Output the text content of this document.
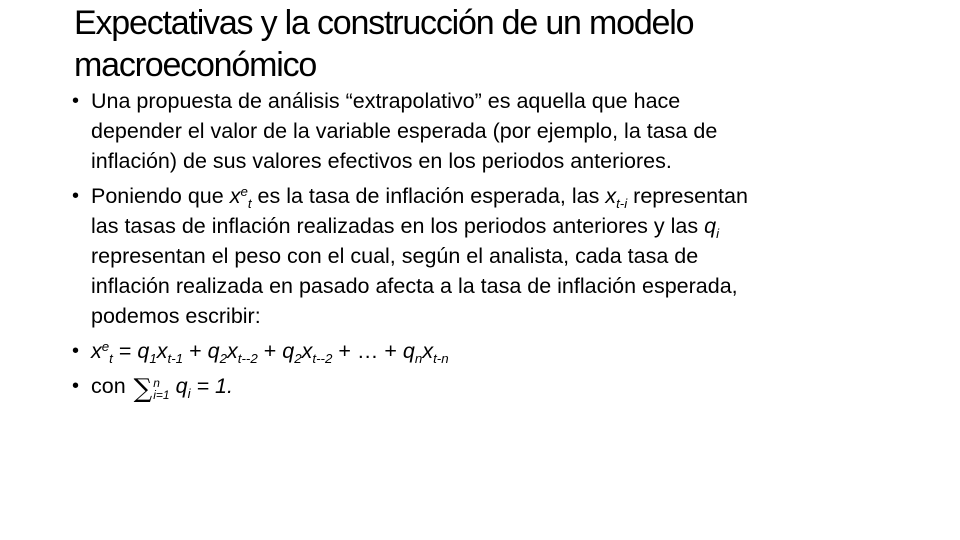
Expectativas y la construcción de un modelo
macroeconómico
• Una propuesta de análisis “extrapolativo” es aquella que hace
depender el valor de la variable esperada (por ejemplo, la tasa de
inflación) de sus valores efectivos en los periodos anteriores.
• Poniendo que $x^e_t$ es la tasa de inflación esperada, las $x_{t-i}$ representan
las tasas de inflación realizadas en los periodos anteriores y las $q_i$
representan el peso con el cual, según el analista, cada tasa de
inflación realizada en pasado afecta a la tasa de inflación esperada,
podemos escribir:
• $x^e_t = q_1x_{t-1} + q_2x_{t--2} + q_2x_{t--2}$ + … + $q_nx_{t-n}$
• con ∑ n
i=1 $q_i = 1$.
